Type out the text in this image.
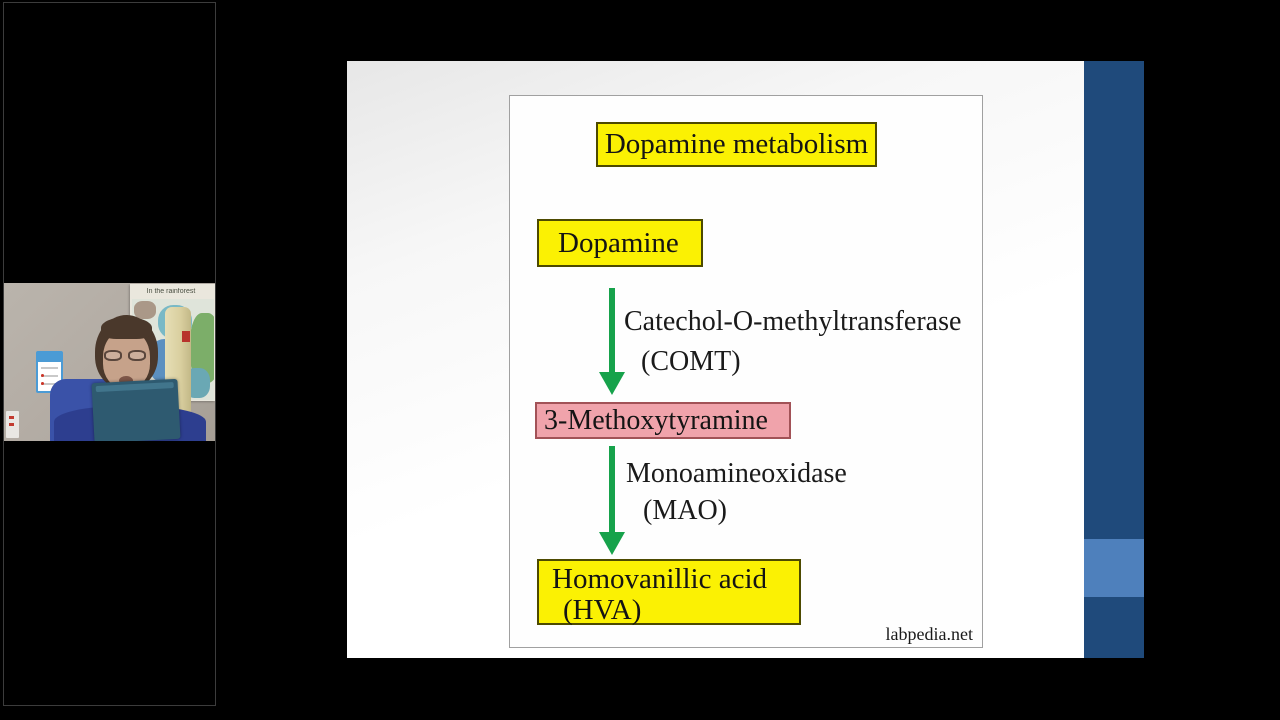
In the rainforest
Dopamine metabolism
Dopamine
Catechol-O-methyltransferase
(COMT)
3-Methoxytyramine
Monoamineoxidase
(MAO)
Homovanillic acid
(HVA)
labpedia.net
